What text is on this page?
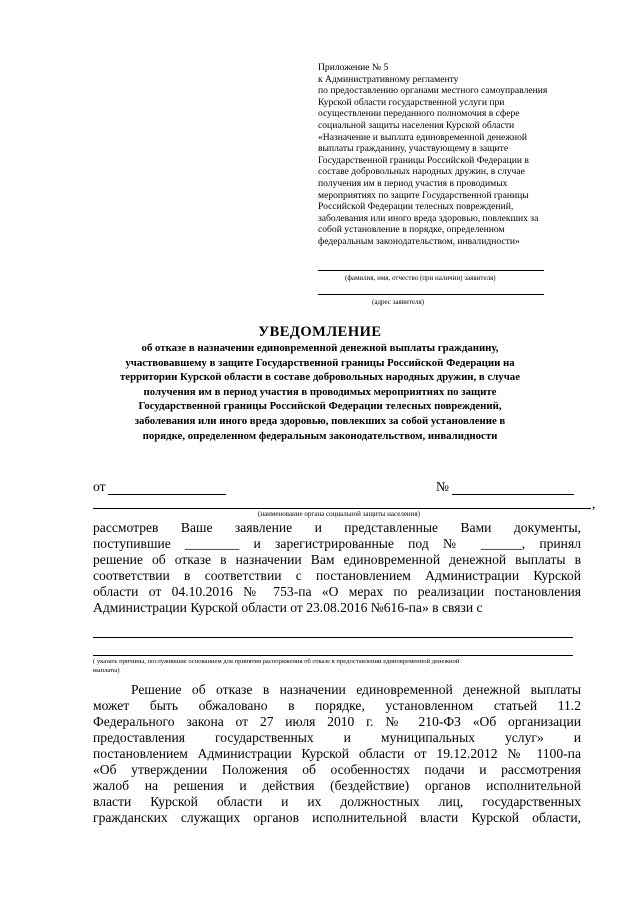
Приложение № 5
к Административному регламенту
по предоставлению органами местного самоуправления
Курской области государственной услуги при
осуществлении переданного полномочия в сфере
социальной защиты населения Курской области
«Назначение и выплата единовременной денежной
выплаты гражданину, участвующему в защите
Государственной границы Российской Федерации в
составе добровольных народных дружин, в случае
получения им в период участия в проводимых
мероприятиях по защите Государственной границы
Российской Федерации телесных повреждений,
заболевания или иного вреда здоровью, повлекших за
собой установление в порядке, определенном
федеральным законодательством, инвалидности»
(фамилия, имя, отчество (при наличии) заявителя)
(адрес заявителя)
УВЕДОМЛЕНИЕ
об отказе в назначении единовременной денежной выплаты гражданину,
участвовавшему в защите Государственной границы Российской Федерации на
территории Курской области в составе добровольных народных дружин, в случае
получения им в период участия в проводимых мероприятиях по защите
Государственной границы Российской Федерации телесных повреждений,
заболевания или иного вреда здоровью, повлекших за собой установление в
порядке, определенном федеральным законодательством, инвалидности
от	№
,
(наименование органа социальной защиты населения)
рассмотрев Ваше заявление и представленные Вами документы,
поступившие ________ и зарегистрированные под № ______, принял
решение об отказе в назначении Вам единовременной денежной выплаты в
соответствии в соответствии с постановлением Администрации Курской
области от 04.10.2016 № 753-па «О мерах по реализации постановления
Администрации Курской области от 23.08.2016 №616-па» в связи с
( указать причины, послужившие основанием для принятия распоряжения об отказе в предоставлении единовременной денежной
выплаты)
Решение об отказе в назначении единовременной денежной выплаты
может быть обжаловано в порядке, установленном статьей 11.2
Федерального закона от 27 июля 2010 г. № 210-ФЗ «Об организации
предоставления государственных и муниципальных услуг» и
постановлением Администрации Курской области от 19.12.2012 № 1100-па
«Об утверждении Положения об особенностях подачи и рассмотрения
жалоб на решения и действия (бездействие) органов исполнительной
власти Курской области и их должностных лиц, государственных
гражданских служащих органов исполнительной власти Курской области,
